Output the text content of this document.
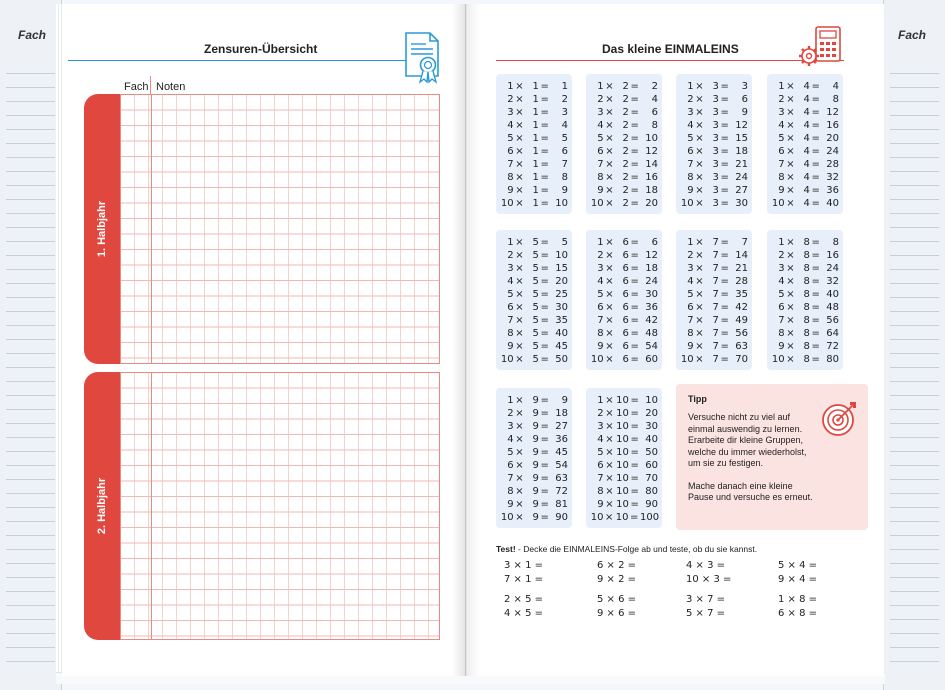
Fach	Fach
Zensuren-Übersicht
Fach Noten
1. Halbjahr
2. Halbjahr
Das kleine EINMALEINS
1 × 1 =	1
2 × 1 =	2
3 × 1 =	3
4 × 1 =	4
5 × 1 =	5
6 × 1 =	6
7 × 1 =	7
8 × 1 =	8
9 × 1 =	9
10 × 1 = 10
1 × 2 =	2
2 × 2 =	4
3 × 2 =	6
4 × 2 =	8
5 × 2 = 10
6 × 2 = 12
7 × 2 = 14
8 × 2 = 16
9 × 2 = 18
10 × 2 = 20
1 × 3 =	3
2 × 3 =	6
3 × 3 =	9
4 × 3 = 12
5 × 3 = 15
6 × 3 = 18
7 × 3 = 21
8 × 3 = 24
9 × 3 = 27
10 × 3 = 30
1 × 4 =	4
2 × 4 =	8
3 × 4 = 12
4 × 4 = 16
5 × 4 = 20
6 × 4 = 24
7 × 4 = 28
8 × 4 = 32
9 × 4 = 36
10 × 4 = 40
1 × 5 =	5
2 × 5 = 10
3 × 5 = 15
4 × 5 = 20
5 × 5 = 25
6 × 5 = 30
7 × 5 = 35
8 × 5 = 40
9 × 5 = 45
10 × 5 = 50
1 × 6 =	6
2 × 6 = 12
3 × 6 = 18
4 × 6 = 24
5 × 6 = 30
6 × 6 = 36
7 × 6 = 42
8 × 6 = 48
9 × 6 = 54
10 × 6 = 60
1 × 7 =	7
2 × 7 = 14
3 × 7 = 21
4 × 7 = 28
5 × 7 = 35
6 × 7 = 42
7 × 7 = 49
8 × 7 = 56
9 × 7 = 63
10 × 7 = 70
1 × 8 =	8
2 × 8 = 16
3 × 8 = 24
4 × 8 = 32
5 × 8 = 40
6 × 8 = 48
7 × 8 = 56
8 × 8 = 64
9 × 8 = 72
10 × 8 = 80
1 × 9 =	9
2 × 9 = 18
3 × 9 = 27
4 × 9 = 36
5 × 9 = 45
6 × 9 = 54
7 × 9 = 63
8 × 9 = 72
9 × 9 = 81
10 × 9 = 90
1 × 10 = 10
2 × 10 = 20
3 × 10 = 30
4 × 10 = 40
5 × 10 = 50
6 × 10 = 60
7 × 10 = 70
8 × 10 = 80
9 × 10 = 90
10 × 10 = 100
Tipp

Versuche nicht zu viel auf einmal auswendig zu lernen. Erarbeite dir kleine Gruppen, welche du immer wiederholst, um sie zu festigen.

Mache danach eine kleine Pause und versuche es erneut.

Test! - Decke die EINMALEINS-Folge ab und teste, ob du sie kannst.
3 × 1 =	6 × 2 =	4 × 3 =	5 × 4 =
7 × 1 =	9 × 2 =	10 × 3 =	9 × 4 =
2 × 5 =	5 × 6 =	3 × 7 =	1 × 8 =
4 × 5 =	9 × 6 =	5 × 7 =	6 × 8 =
